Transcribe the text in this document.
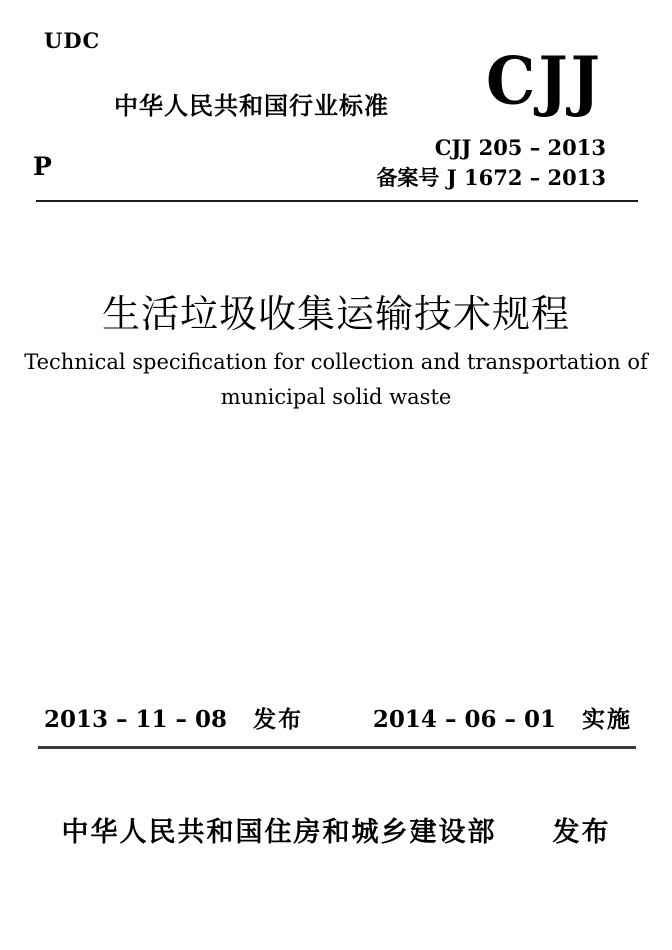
UDC
中华人民共和国行业标准 CJJ
CJJ 205 – 2013
备案号 J 1672 – 2013
P
生活垃圾收集运输技术规程
Technical specification for collection and transportation of
municipal solid waste
2013 – 11 – 08 发布	2014 – 06 – 01 实施
中华人民共和国住房和城乡建设部 发布
